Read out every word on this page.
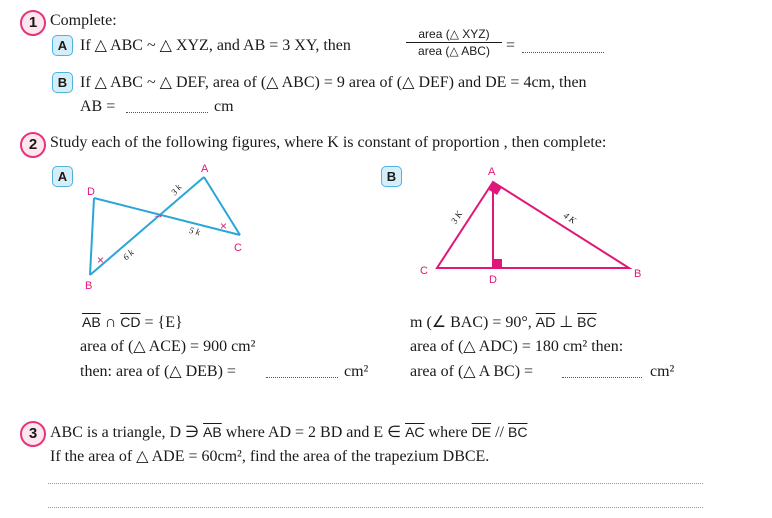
1 Complete:
A If △ ABC ~ △ XYZ, and AB = 3 XY, then
area (△ XYZ)
area (△ ABC)	=
B If △ ABC ~ △ DEF, area of (△ ABC) = 9 area of (△ DEF) and DE = 4cm, then
AB =	cm
2 Study each of the following figures, where K is constant of proportion , then complete:
A	B
→
×
×
D
A
C
B
3 k
5 k
6 k
A
C
D	B
3 K	4 K
$\overline{AB}$ ∩ $\overline{CD} = \{E\}$
area of (△ ACE) = 900 cm²
then: area of (△ DEB) =	cm²
m (∠ BAC) = 90°, $\overline{AD}$ ⊥ $\overline{BC}$
area of (△ ADC) = 180 cm² then:
area of (△ A BC) =	cm²
3 ABC is a triangle, D ∋ $\overline{AB}$ where AD = 2 BD and E ∈ $\overline{AC}$ where $\overline{DE} // \overline{BC}$
If the area of △ ADE = 60cm², find the area of the trapezium DBCE.
